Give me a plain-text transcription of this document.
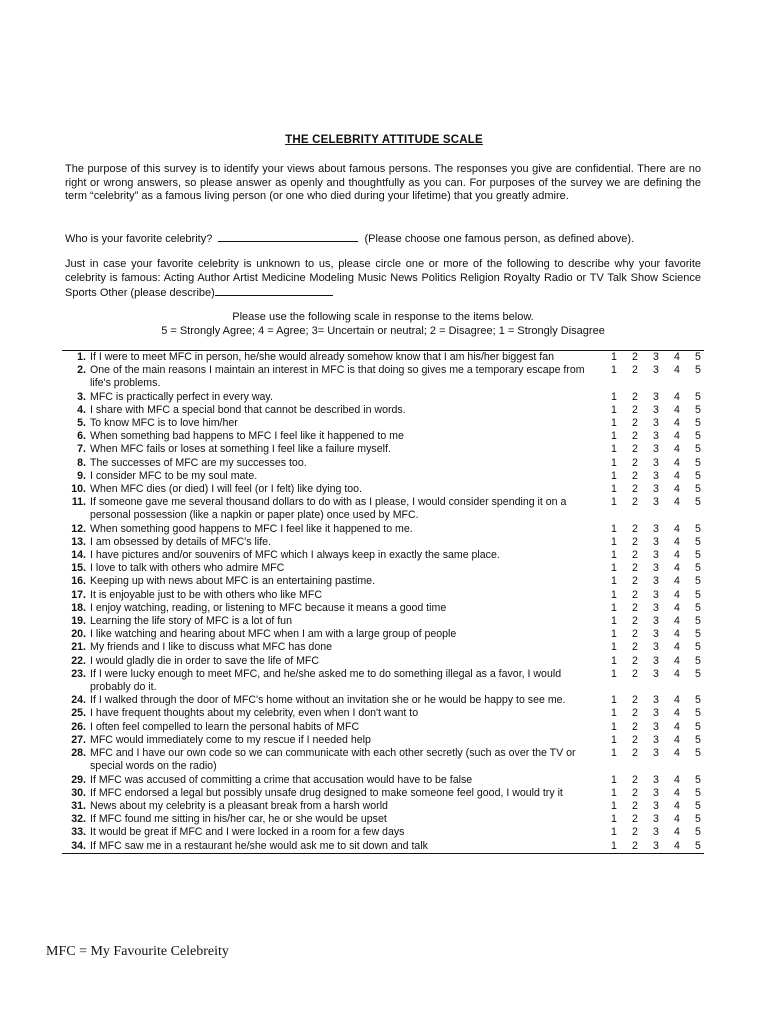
THE CELEBRITY ATTITUDE SCALE

The purpose of this survey is to identify your views about famous persons. The responses you give are confidential. There are no right or wrong answers, so please answer as openly and thoughtfully as you can. For purposes of the survey we are defining the term “celebrity” as a famous living person (or one who died during your lifetime) that you greatly admire.

Who is your favorite celebrity?	(Please choose one famous person, as defined above).

Just in case your favorite celebrity is unknown to us, please circle one or more of the following to describe why your favorite celebrity is famous: Acting Author Artist Medicine Modeling Music News Politics Religion Royalty Radio or TV Talk Show Science Sports Other (please describe)

Please use the following scale in response to the items below.
5 = Strongly Agree; 4 = Agree; 3= Uncertain or neutral; 2 = Disagree; 1 = Strongly Disagree
1. If I were to meet MFC in person, he/she would already somehow know that I am his/her biggest fan	1 2 3 4 5
2. One of the main reasons I maintain an interest in MFC is that doing so gives me a temporary escape from life's problems.
1 2 3 4 5
3. MFC is practically perfect in every way.	1 2 3 4 5
4. I share with MFC a special bond that cannot be described in words.	1 2 3 4 5
5. To know MFC is to love him/her	1 2 3 4 5
6. When something bad happens to MFC I feel like it happened to me	1 2 3 4 5
7. When MFC fails or loses at something I feel like a failure myself.	1 2 3 4 5
8. The successes of MFC are my successes too.	1 2 3 4 5
9. I consider MFC to be my soul mate.	1 2 3 4 5
10. When MFC dies (or died) I will feel (or I felt) like dying too.	1 2 3 4 5
11. If someone gave me several thousand dollars to do with as I please, I would consider spending it on a personal possession (like a napkin or paper plate) once used by MFC.
1 2 3 4 5
12. When something good happens to MFC I feel like it happened to me.	1 2 3 4 5
13. I am obsessed by details of MFC's life.	1 2 3 4 5
14. I have pictures and/or souvenirs of MFC which I always keep in exactly the same place.	1 2 3 4 5
15. I love to talk with others who admire MFC	1 2 3 4 5
16. Keeping up with news about MFC is an entertaining pastime.	1 2 3 4 5
17. It is enjoyable just to be with others who like MFC	1 2 3 4 5
18. I enjoy watching, reading, or listening to MFC because it means a good time	1 2 3 4 5
19. Learning the life story of MFC is a lot of fun	1 2 3 4 5
20. I like watching and hearing about MFC when I am with a large group of people	1 2 3 4 5
21. My friends and I like to discuss what MFC has done	1 2 3 4 5
22. I would gladly die in order to save the life of MFC	1 2 3 4 5
23. If I were lucky enough to meet MFC, and he/she asked me to do something illegal as a favor, I would probably do it.
1 2 3 4 5
24. If I walked through the door of MFC's home without an invitation she or he would be happy to see me.	1 2 3 4 5
25. I have frequent thoughts about my celebrity, even when I don't want to	1 2 3 4 5
26. I often feel compelled to learn the personal habits of MFC	1 2 3 4 5
27. MFC would immediately come to my rescue if I needed help	1 2 3 4 5
28. MFC and I have our own code so we can communicate with each other secretly (such as over the TV or special words on the radio)
1 2 3 4 5
29. If MFC was accused of committing a crime that accusation would have to be false	1 2 3 4 5
30. If MFC endorsed a legal but possibly unsafe drug designed to make someone feel good, I would try it	1 2 3 4 5
31. News about my celebrity is a pleasant break from a harsh world	1 2 3 4 5
32. If MFC found me sitting in his/her car, he or she would be upset	1 2 3 4 5
33. It would be great if MFC and I were locked in a room for a few days	1 2 3 4 5
34. If MFC saw me in a restaurant he/she would ask me to sit down and talk	1 2 3 4 5
MFC = My Favourite Celebreity
